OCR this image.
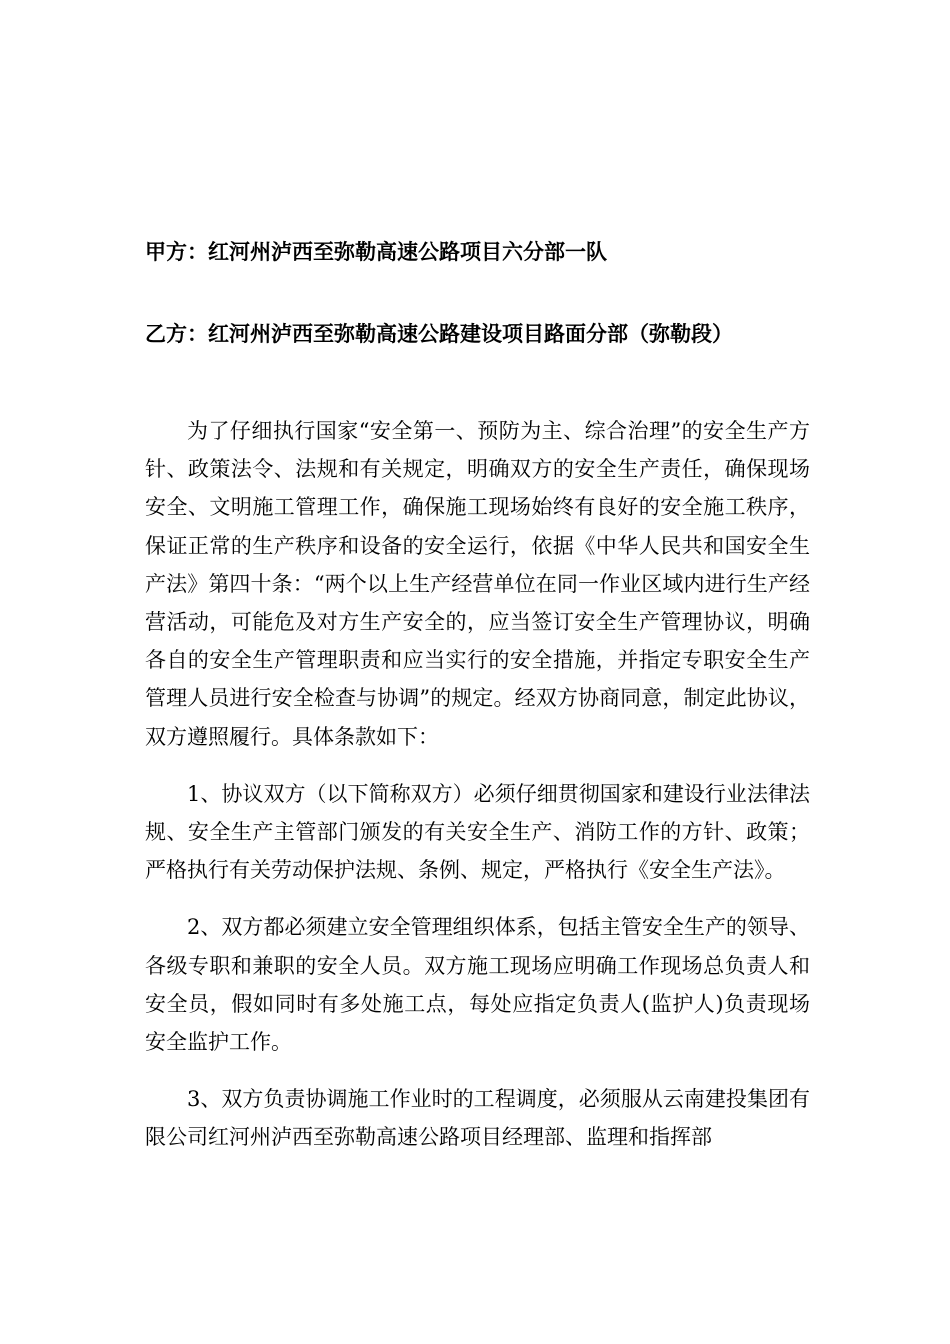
甲方：红河州泸西至弥勒高速公路项目六分部一队
乙方：红河州泸西至弥勒高速公路建设项目路面分部（弥勒段）

为了仔细执行国家“安全第一、预防为主、综合治理”的安全生产方针、政策法令、法规和有关规定，明确双方的安全生产责任，确保现场安全、文明施工管理工作，确保施工现场始终有良好的安全施工秩序，保证正常的生产秩序和设备的安全运行，依据《中华人民共和国安全生产法》第四十条：“两个以上生产经营单位在同一作业区域内进行生产经营活动，可能危及对方生产安全的，应当签订安全生产管理协议，明确各自的安全生产管理职责和应当实行的安全措施，并指定专职安全生产管理人员进行安全检查与协调”的规定。经双方协商同意，制定此协议，双方遵照履行。具体条款如下：

1、协议双方（以下简称双方）必须仔细贯彻国家和建设行业法律法规、安全生产主管部门颁发的有关安全生产、消防工作的方针、政策；严格执行有关劳动保护法规、条例、规定，严格执行《安全生产法》。

2、双方都必须建立安全管理组织体系，包括主管安全生产的领导、各级专职和兼职的安全人员。双方施工现场应明确工作现场总负责人和安全员，假如同时有多处施工点，每处应指定负责人(监护人)负责现场安全监护工作。

3、双方负责协调施工作业时的工程调度，必须服从云南建投集团有限公司红河州泸西至弥勒高速公路项目经理部、监理和指挥部
